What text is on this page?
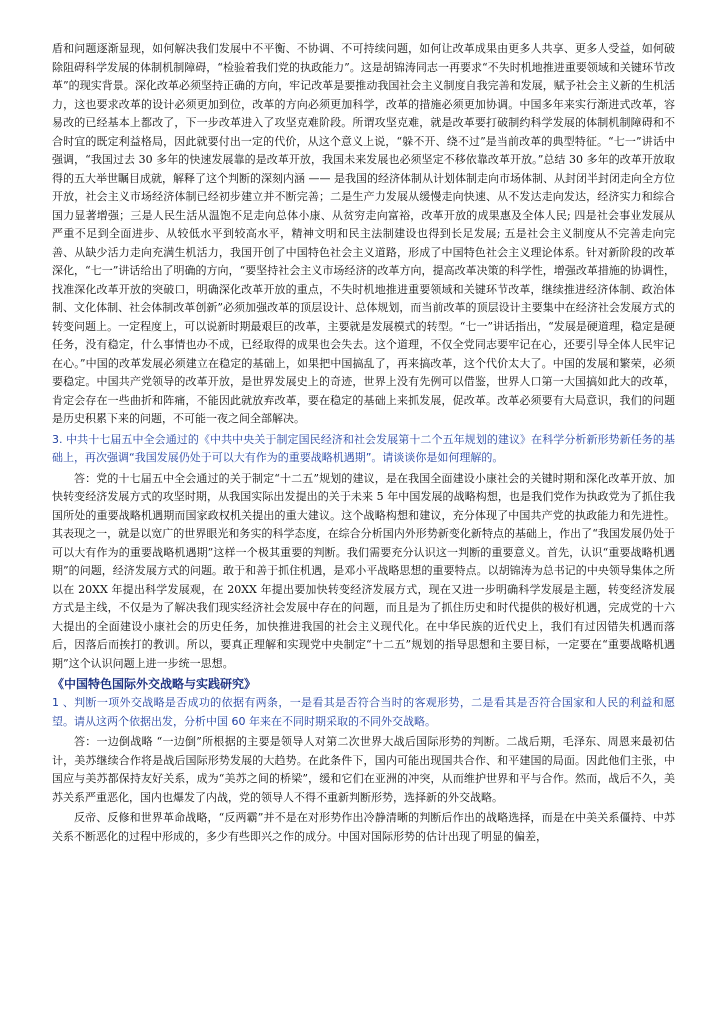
盾和问题逐渐显现，如何解决我们发展中不平衡、不协调、不可持续问题，如何让改革成果由更多人共享、更多人受益，如何破除阻碍科学发展的体制机制障碍，“检验着我们党的执政能力”。这是胡锦涛同志一再要求“不失时机地推进重要领域和关键环节改革”的现实背景。深化改革必须坚持正确的方向，牢记改革是要推动我国社会主义制度自我完善和发展，赋予社会主义新的生机活力，这也要求改革的设计必须更加到位，改革的方向必须更加科学，改革的措施必须更加协调。中国多年来实行渐进式改革，容易改的已经基本上都改了，下一步改革进入了攻坚克难阶段。所谓攻坚克难，就是改革要打破制约科学发展的体制机制障碍和不合时宜的既定利益格局，因此就要付出一定的代价，从这个意义上说，“躲不开、绕不过”是当前改革的典型特征。“七一”讲话中强调，“我国过去 30 多年的快速发展靠的是改革开放，我国未来发展也必须坚定不移依靠改革开放。”总结 30 多年的改革开放取得的五大举世瞩目成就，解释了这个判断的深刻内涵 —— 是我国的经济体制从计划体制走向市场体制、从封闭半封闭走向全方位开放，社会主义市场经济体制已经初步建立并不断完善；二是生产力发展从缓慢走向快速、从不发达走向发达，经济实力和综合国力显著增强；三是人民生活从温饱不足走向总体小康、从贫穷走向富裕，改革开放的成果惠及全体人民; 四是社会事业发展从严重不足到全面进步、从较低水平到较高水平，精神文明和民主法制建设也得到长足发展; 五是社会主义制度从不完善走向完善、从缺少活力走向充满生机活力，我国开创了中国特色社会主义道路，形成了中国特色社会主义理论体系。针对新阶段的改革深化，“七一”讲话给出了明确的方向，“要坚持社会主义市场经济的改革方向，提高改革决策的科学性，增强改革措施的协调性，找准深化改革开放的突破口，明确深化改革开放的重点，不失时机地推进重要领域和关键环节改革，继续推进经济体制、政治体制、文化体制、社会体制改革创新”必须加强改革的顶层设计、总体规划，而当前改革的顶层设计主要集中在经济社会发展方式的转变问题上。一定程度上，可以说新时期最艰巨的改革，主要就是发展模式的转型。“七一”讲话指出，“发展是硬道理，稳定是硬任务，没有稳定，什么事情也办不成，已经取得的成果也会失去。这个道理，不仅全党同志要牢记在心，还要引导全体人民牢记在心。”中国的改革发展必须建立在稳定的基础上，如果把中国搞乱了，再来搞改革，这个代价太大了。中国的发展和繁荣，必须要稳定。中国共产党领导的改革开放，是世界发展史上的奇迹，世界上没有先例可以借鉴，世界人口第一大国搞如此大的改革，肯定会存在一些曲折和阵痛，不能因此就放弃改革，要在稳定的基础上来抓发展，促改革。改革必须要有大局意识，我们的问题是历史积累下来的问题，不可能一夜之间全部解决。

3. 中共十七届五中全会通过的《中共中央关于制定国民经济和社会发展第十二个五年规划的建议》在科学分析新形势新任务的基础上，再次强调“我国发展仍处于可以大有作为的重要战略机遇期”。请谈谈你是如何理解的。

答：党的十七届五中全会通过的关于制定“十二五”规划的建议，是在我国全面建设小康社会的关键时期和深化改革开放、加快转变经济发展方式的攻坚时期，从我国实际出发提出的关于未来 5 年中国发展的战略构想，也是我们党作为执政党为了抓住我国所处的重要战略机遇期而国家政权机关提出的重大建议。这个战略构想和建议，充分体现了中国共产党的执政能力和先进性。其表现之一，就是以宽广的世界眼光和务实的科学态度，在综合分析国内外形势新变化新特点的基础上，作出了“我国发展仍处于可以大有作为的重要战略机遇期”这样一个极其重要的判断。我们需要充分认识这一判断的重要意义。首先，认识“重要战略机遇期”的问题，经济发展方式的问题。敢于和善于抓住机遇，是邓小平战略思想的重要特点。以胡锦涛为总书记的中央领导集体之所以在 20XX 年提出科学发展观，在 20XX 年提出要加快转变经济发展方式，现在又进一步明确科学发展是主题，转变经济发展方式是主线，不仅是为了解决我们现实经济社会发展中存在的问题，而且是为了抓住历史和时代提供的极好机遇，完成党的十六大提出的全面建设小康社会的历史任务，加快推进我国的社会主义现代化。在中华民族的近代史上，我们有过因错失机遇而落后，因落后而挨打的教训。所以，要真正理解和实现党中央制定“十二五”规划的指导思想和主要目标，一定要在“重要战略机遇期”这个认识问题上进一步统一思想。

《中国特色国际外交战略与实践研究》

1 、判断一项外交战略是否成功的依据有两条，一是看其是否符合当时的客观形势，二是看其是否符合国家和人民的利益和愿望。请从这两个依据出发，分析中国 60 年来在不同时期采取的不同外交战略。

答：一边倒战略 “一边倒”所根据的主要是领导人对第二次世界大战后国际形势的判断。二战后期，毛泽东、周恩来最初估计，美苏继续合作将是战后国际形势发展的大趋势。在此条件下，国内可能出现国共合作、和平建国的局面。因此他们主张，中国应与美苏都保持友好关系，成为“美苏之间的桥梁”，缓和它们在亚洲的冲突，从而维护世界和平与合作。然而，战后不久，美苏关系严重恶化，国内也爆发了内战，党的领导人不得不重新判断形势，选择新的外交战略。

反帝、反修和世界革命战略，“反两霸”并不是在对形势作出冷静清晰的判断后作出的战略选择，而是在中美关系僵持、中苏关系不断恶化的过程中形成的，多少有些即兴之作的成分。中国对国际形势的估计出现了明显的偏差，
